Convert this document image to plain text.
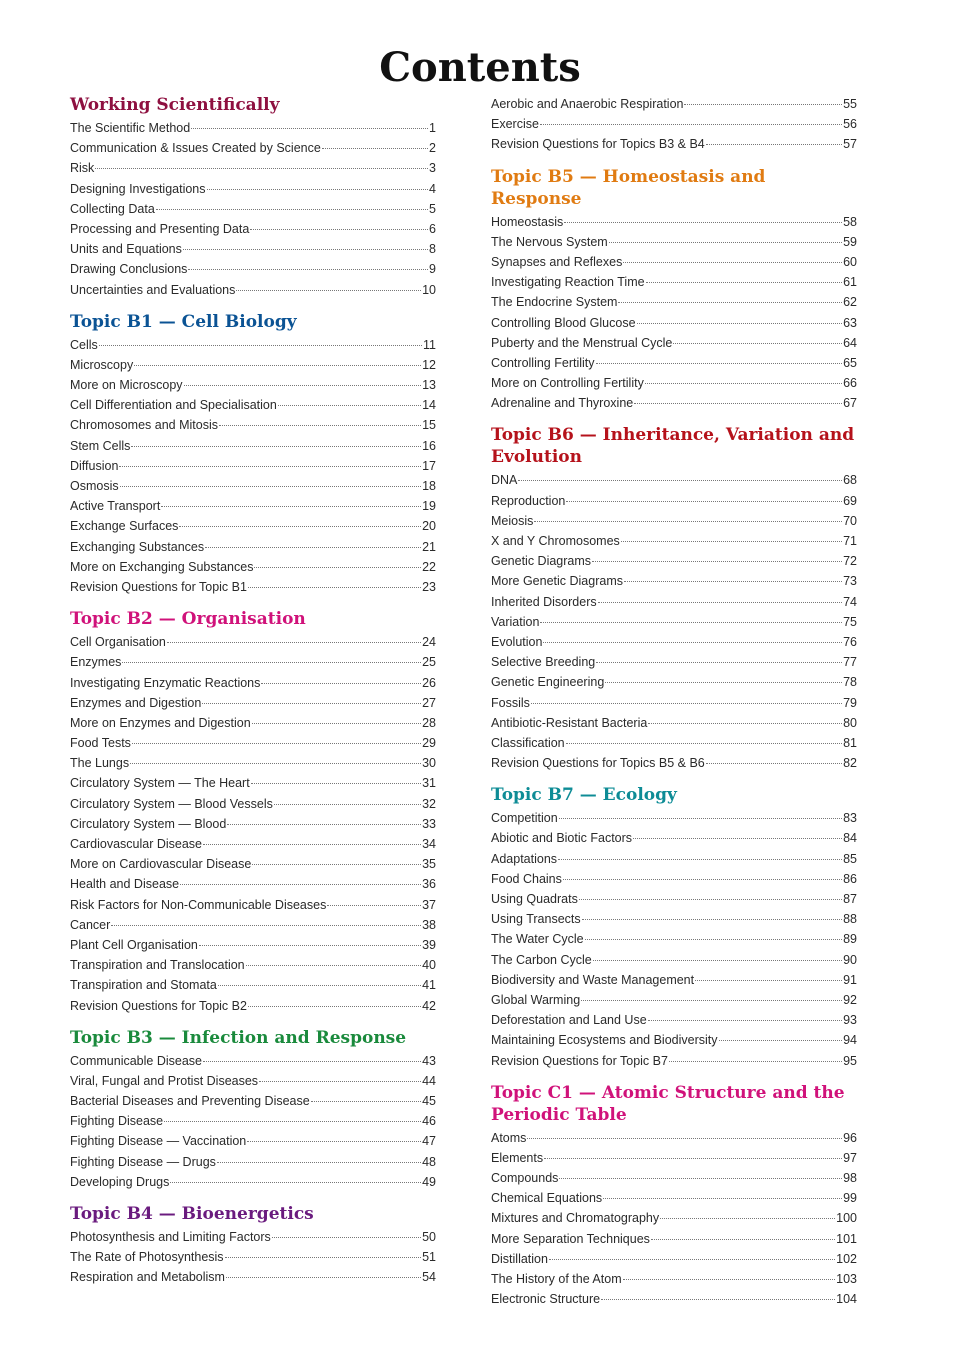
Contents
Working Scientifically
The Scientific Method	1
Communication & Issues Created by Science	2
Risk	3
Designing Investigations	4
Collecting Data	5
Processing and Presenting Data	6
Units and Equations	8
Drawing Conclusions	9
Uncertainties and Evaluations	10
Topic B1 — Cell Biology
Cells	11
Microscopy	12
More on Microscopy	13
Cell Differentiation and Specialisation	14
Chromosomes and Mitosis	15
Stem Cells	16
Diffusion	17
Osmosis	18
Active Transport	19
Exchange Surfaces	20
Exchanging Substances	21
More on Exchanging Substances	22
Revision Questions for Topic B1	23
Topic B2 — Organisation
Cell Organisation	24
Enzymes	25
Investigating Enzymatic Reactions	26
Enzymes and Digestion	27
More on Enzymes and Digestion	28
Food Tests	29
The Lungs	30
Circulatory System — The Heart	31
Circulatory System — Blood Vessels	32
Circulatory System — Blood	33
Cardiovascular Disease	34
More on Cardiovascular Disease	35
Health and Disease	36
Risk Factors for Non-Communicable Diseases	37
Cancer	38
Plant Cell Organisation	39
Transpiration and Translocation	40
Transpiration and Stomata	41
Revision Questions for Topic B2	42
Topic B3 — Infection and Response
Communicable Disease	43
Viral, Fungal and Protist Diseases	44
Bacterial Diseases and Preventing Disease	45
Fighting Disease	46
Fighting Disease — Vaccination	47
Fighting Disease — Drugs	48
Developing Drugs	49
Topic B4 — Bioenergetics
Photosynthesis and Limiting Factors	50
The Rate of Photosynthesis	51
Respiration and Metabolism	54
Aerobic and Anaerobic Respiration	55
Exercise	56
Revision Questions for Topics B3 & B4	57
Topic B5 — Homeostasis and Response
Homeostasis	58
The Nervous System	59
Synapses and Reflexes	60
Investigating Reaction Time	61
The Endocrine System	62
Controlling Blood Glucose	63
Puberty and the Menstrual Cycle	64
Controlling Fertility	65
More on Controlling Fertility	66
Adrenaline and Thyroxine	67
Topic B6 — Inheritance, Variation and Evolution
DNA	68
Reproduction	69
Meiosis	70
X and Y Chromosomes	71
Genetic Diagrams	72
More Genetic Diagrams	73
Inherited Disorders	74
Variation	75
Evolution	76
Selective Breeding	77
Genetic Engineering	78
Fossils	79
Antibiotic-Resistant Bacteria	80
Classification	81
Revision Questions for Topics B5 & B6	82
Topic B7 — Ecology
Competition	83
Abiotic and Biotic Factors	84
Adaptations	85
Food Chains	86
Using Quadrats	87
Using Transects	88
The Water Cycle	89
The Carbon Cycle	90
Biodiversity and Waste Management	91
Global Warming	92
Deforestation and Land Use	93
Maintaining Ecosystems and Biodiversity	94
Revision Questions for Topic B7	95
Topic C1 — Atomic Structure and the Periodic Table
Atoms	96
Elements	97
Compounds	98
Chemical Equations	99
Mixtures and Chromatography	100
More Separation Techniques	101
Distillation	102
The History of the Atom	103
Electronic Structure	104
